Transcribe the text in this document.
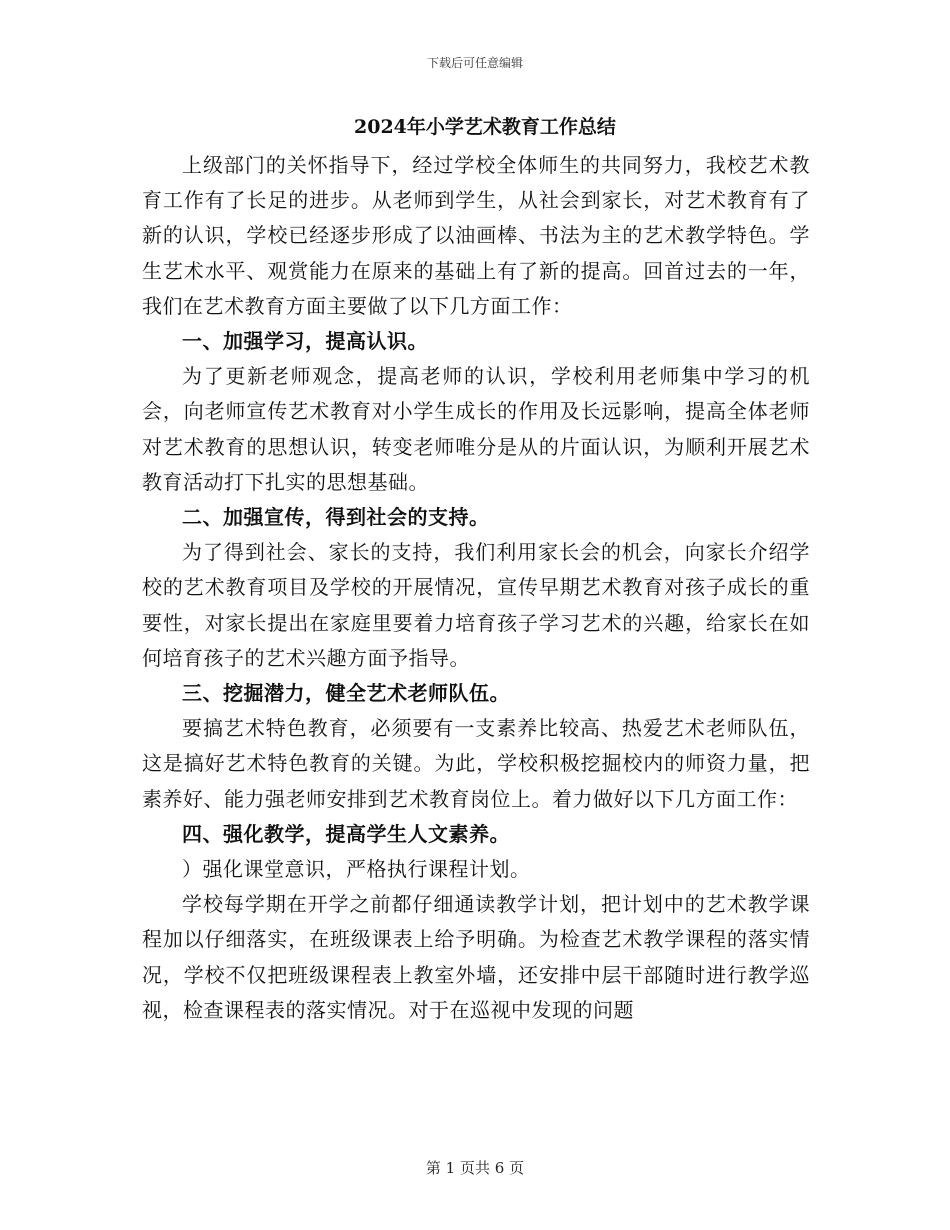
下载后可任意编辑
2024年小学艺术教育工作总结

上级部门的关怀指导下，经过学校全体师生的共同努力，我校艺术教育工作有了长足的进步。从老师到学生，从社会到家长，对艺术教育有了新的认识，学校已经逐步形成了以油画棒、书法为主的艺术教学特色。学生艺术水平、观赏能力在原来的基础上有了新的提高。回首过去的一年，我们在艺术教育方面主要做了以下几方面工作：

一、加强学习，提高认识。

为了更新老师观念，提高老师的认识，学校利用老师集中学习的机会，向老师宣传艺术教育对小学生成长的作用及长远影响，提高全体老师对艺术教育的思想认识，转变老师唯分是从的片面认识，为顺利开展艺术教育活动打下扎实的思想基础。

二、加强宣传，得到社会的支持。

为了得到社会、家长的支持，我们利用家长会的机会，向家长介绍学校的艺术教育项目及学校的开展情况，宣传早期艺术教育对孩子成长的重要性，对家长提出在家庭里要着力培育孩子学习艺术的兴趣，给家长在如何培育孩子的艺术兴趣方面予指导。

三、挖掘潜力，健全艺术老师队伍。

要搞艺术特色教育，必须要有一支素养比较高、热爱艺术老师队伍，这是搞好艺术特色教育的关键。为此，学校积极挖掘校内的师资力量，把素养好、能力强老师安排到艺术教育岗位上。着力做好以下几方面工作：

四、强化教学，提高学生人文素养。

）强化课堂意识，严格执行课程计划。

学校每学期在开学之前都仔细通读教学计划，把计划中的艺术教学课程加以仔细落实，在班级课表上给予明确。为检查艺术教学课程的落实情况，学校不仅把班级课程表上教室外墙，还安排中层干部随时进行教学巡视，检查课程表的落实情况。对于在巡视中发现的问题

第 1 页共 6 页
